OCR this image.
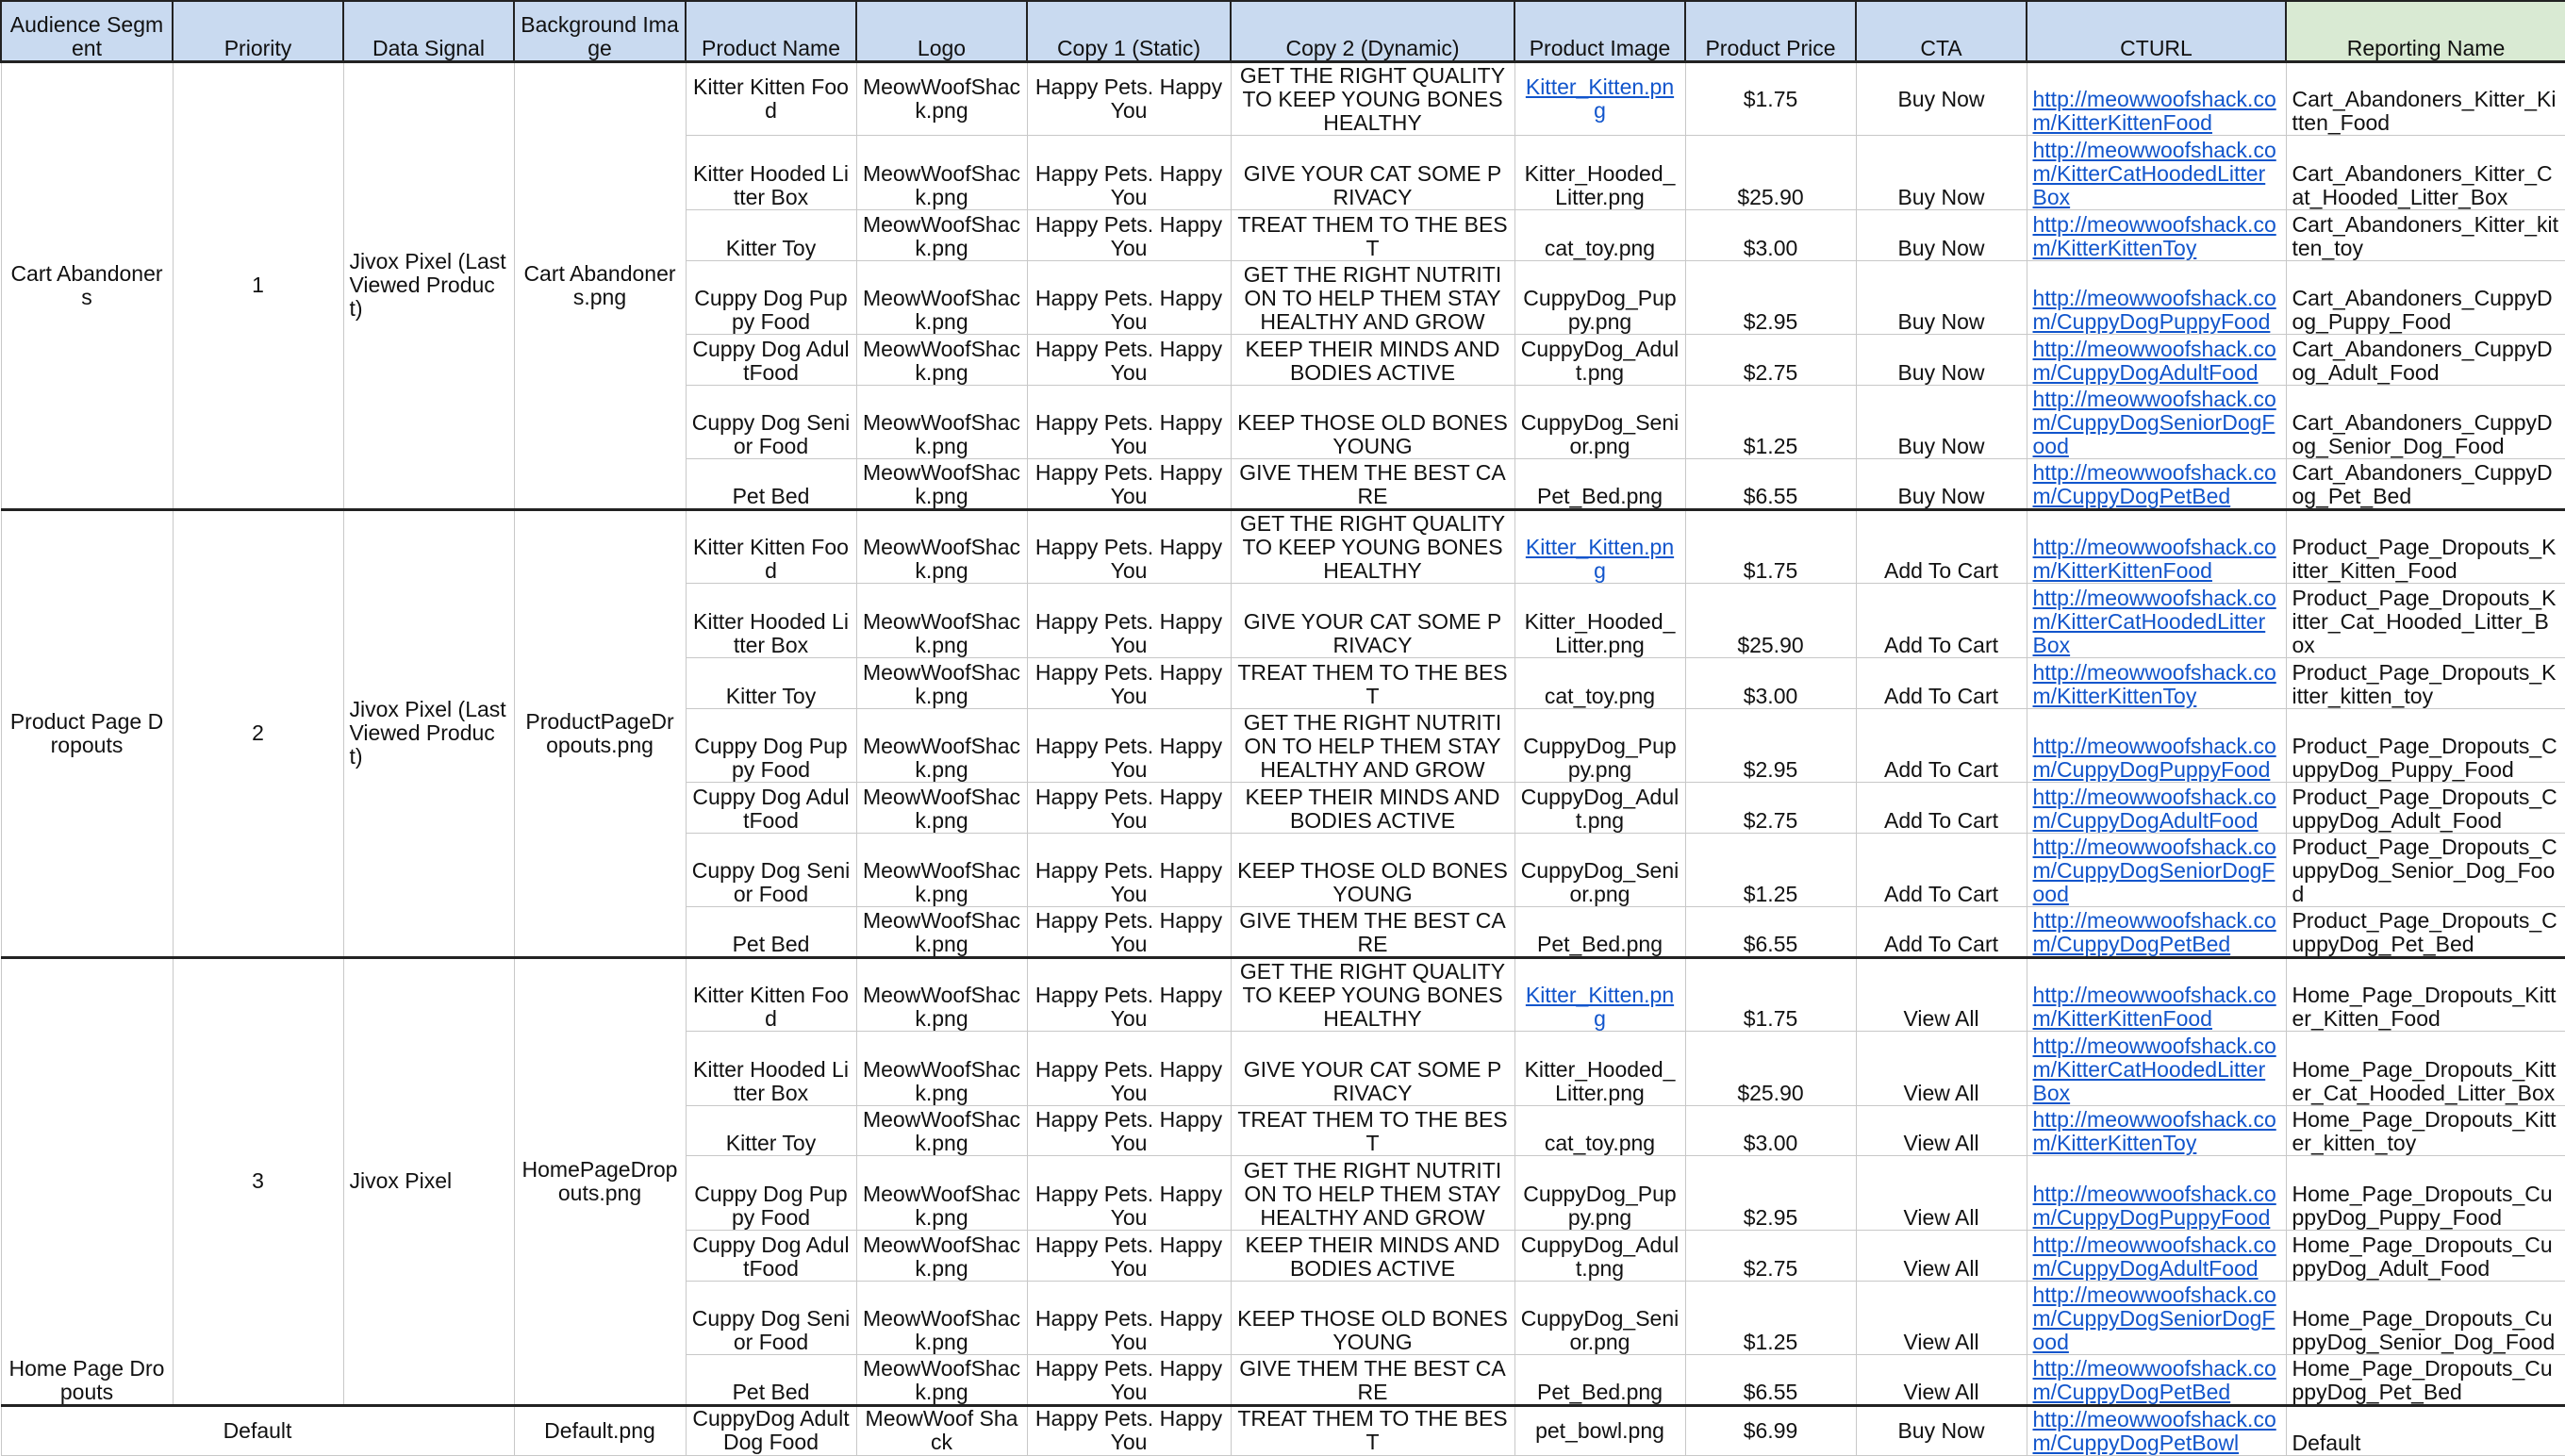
Audience Segment	Priority	Data Signal	Background Image	Product Name	Logo	Copy 1 (Static)	Copy 2 (Dynamic)	Product Image	Product Price	CTA	CTURL	Reporting Name
Cart Abandoners	1	Jivox Pixel (Last Viewed Product)	Cart Abandoners.png	Kitter Kitten Food	MeowWoofShack.png	Happy Pets. Happy You	GET THE RIGHT QUALITY TO KEEP YOUNG BONES HEALTHY	Kitter_Kitten.png	$1.75	Buy Now	http://meowwoofshack.com/KitterKittenFood	Cart_Abandoners_Kitter_Kitten_Food
				Kitter Hooded Litter Box	MeowWoofShack.png	Happy Pets. Happy You	GIVE YOUR CAT SOME PRIVACY	Kitter_Hooded_Litter.png	$25.90	Buy Now	http://meowwoofshack.com/KitterCatHoodedLitterBox	Cart_Abandoners_Kitter_Cat_Hooded_Litter_Box
				Kitter Toy	MeowWoofShack.png	Happy Pets. Happy You	TREAT THEM TO THE BEST	cat_toy.png	$3.00	Buy Now	http://meowwoofshack.com/KitterKittenToy	Cart_Abandoners_Kitter_kitten_toy
				Cuppy Dog Puppy Food	MeowWoofShack.png	Happy Pets. Happy You	GET THE RIGHT NUTRITION TO HELP THEM STAY HEALTHY AND GROW	CuppyDog_Puppy.png	$2.95	Buy Now	http://meowwoofshack.com/CuppyDogPuppyFood	Cart_Abandoners_CuppyDog_Puppy_Food
				Cuppy Dog AdultFood	MeowWoofShack.png	Happy Pets. Happy You	KEEP THEIR MINDS AND BODIES ACTIVE	CuppyDog_Adult.png	$2.75	Buy Now	http://meowwoofshack.com/CuppyDogAdultFood	Cart_Abandoners_CuppyDog_Adult_Food
				Cuppy Dog Senior Food	MeowWoofShack.png	Happy Pets. Happy You	KEEP THOSE OLD BONES YOUNG	CuppyDog_Senior.png	$1.25	Buy Now	http://meowwoofshack.com/CuppyDogSeniorDogFood	Cart_Abandoners_CuppyDog_Senior_Dog_Food
				Pet Bed	MeowWoofShack.png	Happy Pets. Happy You	GIVE THEM THE BEST CARE	Pet_Bed.png	$6.55	Buy Now	http://meowwoofshack.com/CuppyDogPetBed	Cart_Abandoners_CuppyDog_Pet_Bed
Product Page Dropouts	2	Jivox Pixel (Last Viewed Product)	ProductPageDropouts.png	Kitter Kitten Food	MeowWoofShack.png	Happy Pets. Happy You	GET THE RIGHT QUALITY TO KEEP YOUNG BONES HEALTHY	Kitter_Kitten.png	$1.75	Add To Cart	http://meowwoofshack.com/KitterKittenFood	Product_Page_Dropouts_Kitter_Kitten_Food
				Kitter Hooded Litter Box	MeowWoofShack.png	Happy Pets. Happy You	GIVE YOUR CAT SOME PRIVACY	Kitter_Hooded_Litter.png	$25.90	Add To Cart	http://meowwoofshack.com/KitterCatHoodedLitterBox	Product_Page_Dropouts_Kitter_Cat_Hooded_Litter_Box
				Kitter Toy	MeowWoofShack.png	Happy Pets. Happy You	TREAT THEM TO THE BEST	cat_toy.png	$3.00	Add To Cart	http://meowwoofshack.com/KitterKittenToy	Product_Page_Dropouts_Kitter_kitten_toy
				Cuppy Dog Puppy Food	MeowWoofShack.png	Happy Pets. Happy You	GET THE RIGHT NUTRITION TO HELP THEM STAY HEALTHY AND GROW	CuppyDog_Puppy.png	$2.95	Add To Cart	http://meowwoofshack.com/CuppyDogPuppyFood	Product_Page_Dropouts_CuppyDog_Puppy_Food
				Cuppy Dog AdultFood	MeowWoofShack.png	Happy Pets. Happy You	KEEP THEIR MINDS AND BODIES ACTIVE	CuppyDog_Adult.png	$2.75	Add To Cart	http://meowwoofshack.com/CuppyDogAdultFood	Product_Page_Dropouts_CuppyDog_Adult_Food
				Cuppy Dog Senior Food	MeowWoofShack.png	Happy Pets. Happy You	KEEP THOSE OLD BONES YOUNG	CuppyDog_Senior.png	$1.25	Add To Cart	http://meowwoofshack.com/CuppyDogSeniorDogFood	Product_Page_Dropouts_CuppyDog_Senior_Dog_Food
				Pet Bed	MeowWoofShack.png	Happy Pets. Happy You	GIVE THEM THE BEST CARE	Pet_Bed.png	$6.55	Add To Cart	http://meowwoofshack.com/CuppyDogPetBed	Product_Page_Dropouts_CuppyDog_Pet_Bed
Home Page Dropouts	3	Jivox Pixel	HomePageDropouts.png	Kitter Kitten Food	MeowWoofShack.png	Happy Pets. Happy You	GET THE RIGHT QUALITY TO KEEP YOUNG BONES HEALTHY	Kitter_Kitten.png	$1.75	View All	http://meowwoofshack.com/KitterKittenFood	Home_Page_Dropouts_Kitter_Kitten_Food
				Kitter Hooded Litter Box	MeowWoofShack.png	Happy Pets. Happy You	GIVE YOUR CAT SOME PRIVACY	Kitter_Hooded_Litter.png	$25.90	View All	http://meowwoofshack.com/KitterCatHoodedLitterBox	Home_Page_Dropouts_Kitter_Cat_Hooded_Litter_Box
				Kitter Toy	MeowWoofShack.png	Happy Pets. Happy You	TREAT THEM TO THE BEST	cat_toy.png	$3.00	View All	http://meowwoofshack.com/KitterKittenToy	Home_Page_Dropouts_Kitter_kitten_toy
				Cuppy Dog Puppy Food	MeowWoofShack.png	Happy Pets. Happy You	GET THE RIGHT NUTRITION TO HELP THEM STAY HEALTHY AND GROW	CuppyDog_Puppy.png	$2.95	View All	http://meowwoofshack.com/CuppyDogPuppyFood	Home_Page_Dropouts_CuppyDog_Puppy_Food
				Cuppy Dog AdultFood	MeowWoofShack.png	Happy Pets. Happy You	KEEP THEIR MINDS AND BODIES ACTIVE	CuppyDog_Adult.png	$2.75	View All	http://meowwoofshack.com/CuppyDogAdultFood	Home_Page_Dropouts_CuppyDog_Adult_Food
				Cuppy Dog Senior Food	MeowWoofShack.png	Happy Pets. Happy You	KEEP THOSE OLD BONES YOUNG	CuppyDog_Senior.png	$1.25	View All	http://meowwoofshack.com/CuppyDogSeniorDogFood	Home_Page_Dropouts_CuppyDog_Senior_Dog_Food
				Pet Bed	MeowWoofShack.png	Happy Pets. Happy You	GIVE THEM THE BEST CARE	Pet_Bed.png	$6.55	View All	http://meowwoofshack.com/CuppyDogPetBed	Home_Page_Dropouts_CuppyDog_Pet_Bed
Default			Default.png	CuppyDog Adult Dog Food	MeowWoof Shack	Happy Pets. Happy You	TREAT THEM TO THE BEST	pet_bowl.png	$6.99	Buy Now	http://meowwoofshack.com/CuppyDogPetBowl	Default
